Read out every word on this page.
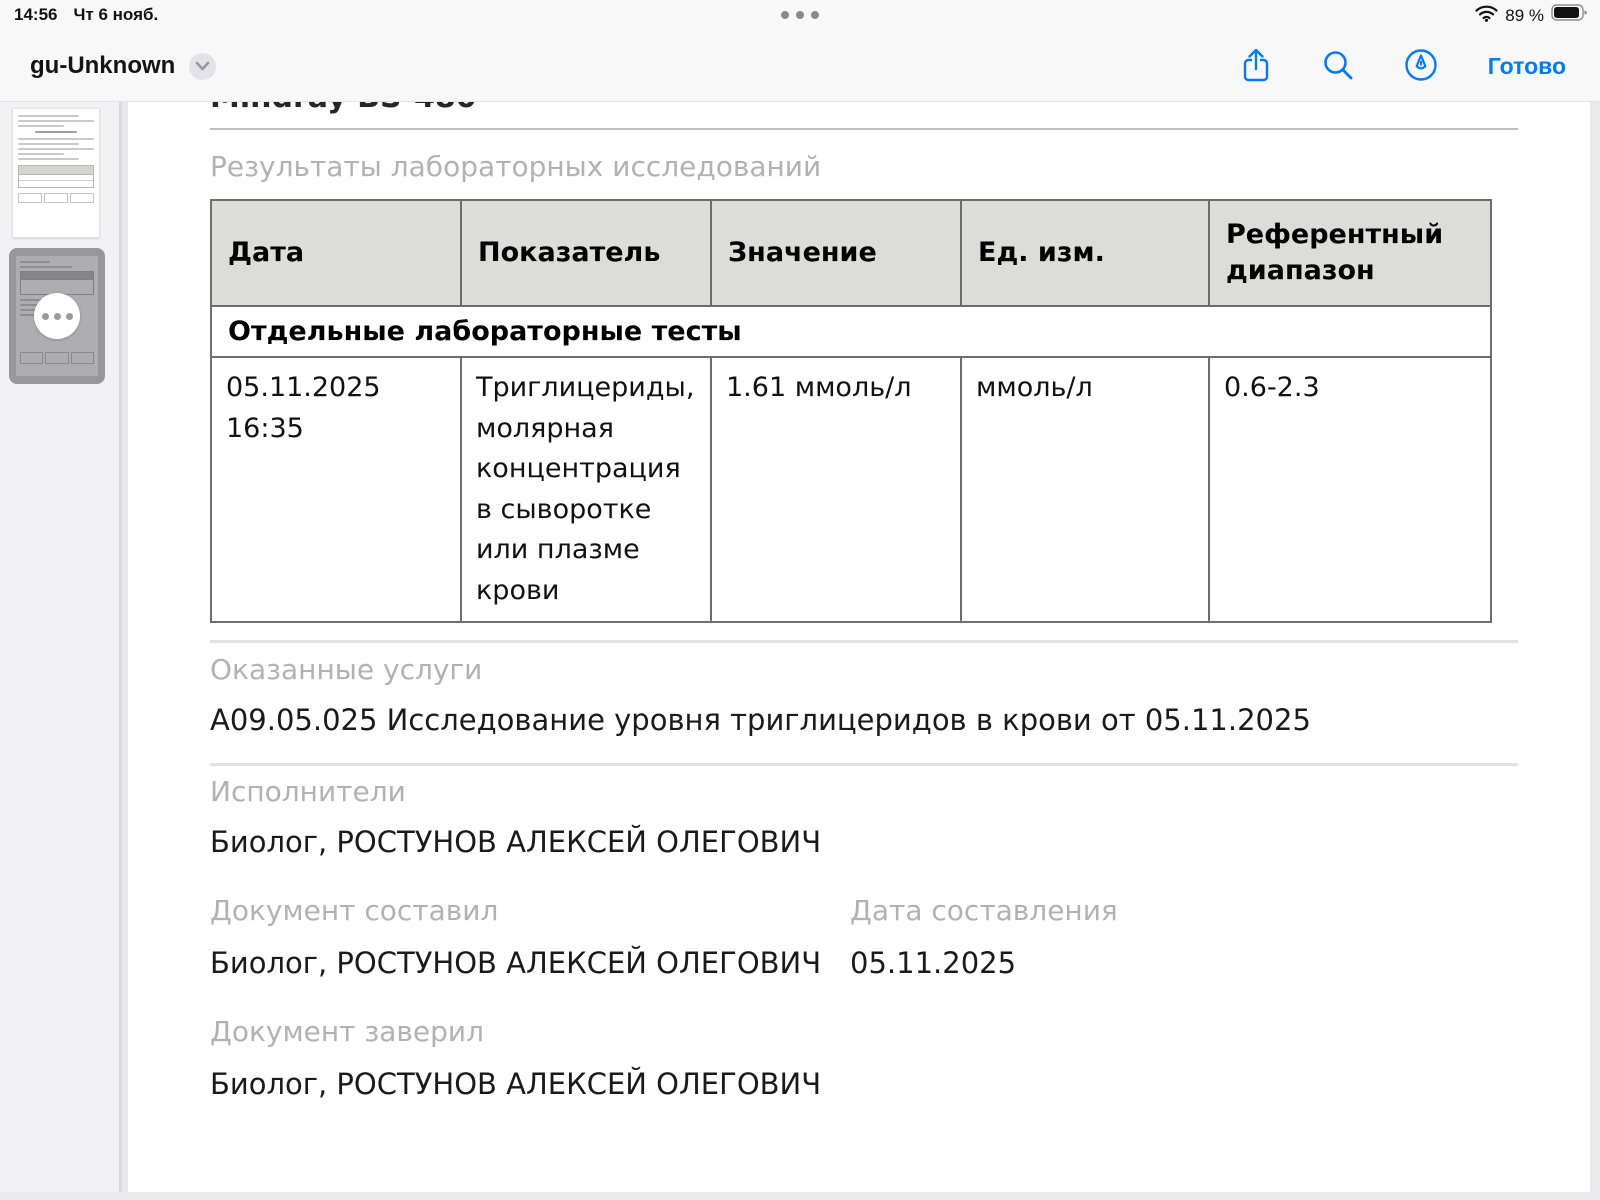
14:56 Чт 6 нояб.	89 %
gu-Unknown	Готово
Результаты лабораторных исследований
Дата	Показатель	Значение	Ед. изм.	Референтный диапазон
Отдельные лабораторные тесты				
05.11.2025 16:35	Триглицериды, молярная концентрация в сыворотке или плазме крови	1.61 ммоль/л	ммоль/л	0.6-2.3
Оказанные услуги
A09.05.025 Исследование уровня триглицеридов в крови от 05.11.2025
Исполнители
Биолог, РОСТУНОВ АЛЕКСЕЙ ОЛЕГОВИЧ
Документ составил	Дата составления
Биолог, РОСТУНОВ АЛЕКСЕЙ ОЛЕГОВИЧ 05.11.2025
Документ заверил
Биолог, РОСТУНОВ АЛЕКСЕЙ ОЛЕГОВИЧ
